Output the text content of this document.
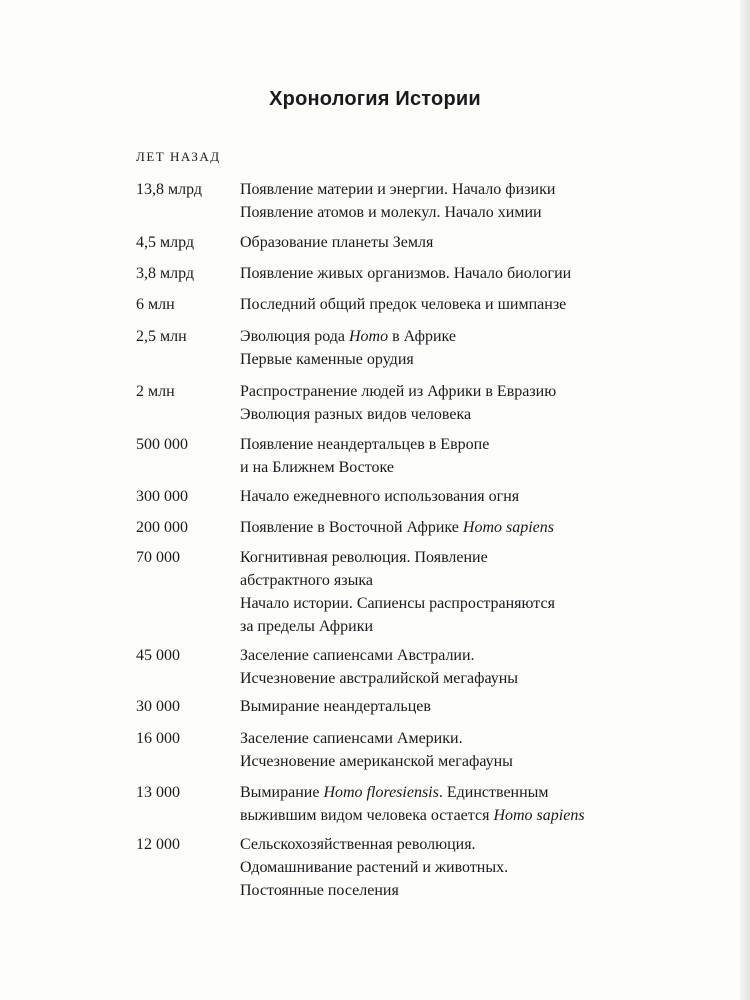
Хронология Истории
ЛЕТ НАЗАД
13,8 млрд Появление материи и энергии. Начало физики
Появление атомов и молекул. Начало химии
4,5 млрд	Образование планеты Земля
3,8 млрд	Появление живых организмов. Начало биологии
6 млн	Последний общий предок человека и шимпанзе
2,5 млн	Эволюция рода Homo в Африке
Первые каменные орудия
2 млн	Распространение людей из Африки в Евразию
Эволюция разных видов человека
500 000	Появление неандертальцев в Европе
и на Ближнем Востоке
300 000	Начало ежедневного использования огня
200 000	Появление в Восточной Африке Homo sapiens
70 000	Когнитивная революция. Появление
абстрактного языка
Начало истории. Сапиенсы распространяются
за пределы Африки
45 000	Заселение сапиенсами Австралии.
Исчезновение австралийской мегафауны
30 000	Вымирание неандертальцев
16 000	Заселение сапиенсами Америки.
Исчезновение американской мегафауны
13 000	Вымирание Homo floresiensis. Единственным
выжившим видом человека остается Homo sapiens
12 000	Сельскохозяйственная революция.
Одомашнивание растений и животных.
Постоянные поселения
